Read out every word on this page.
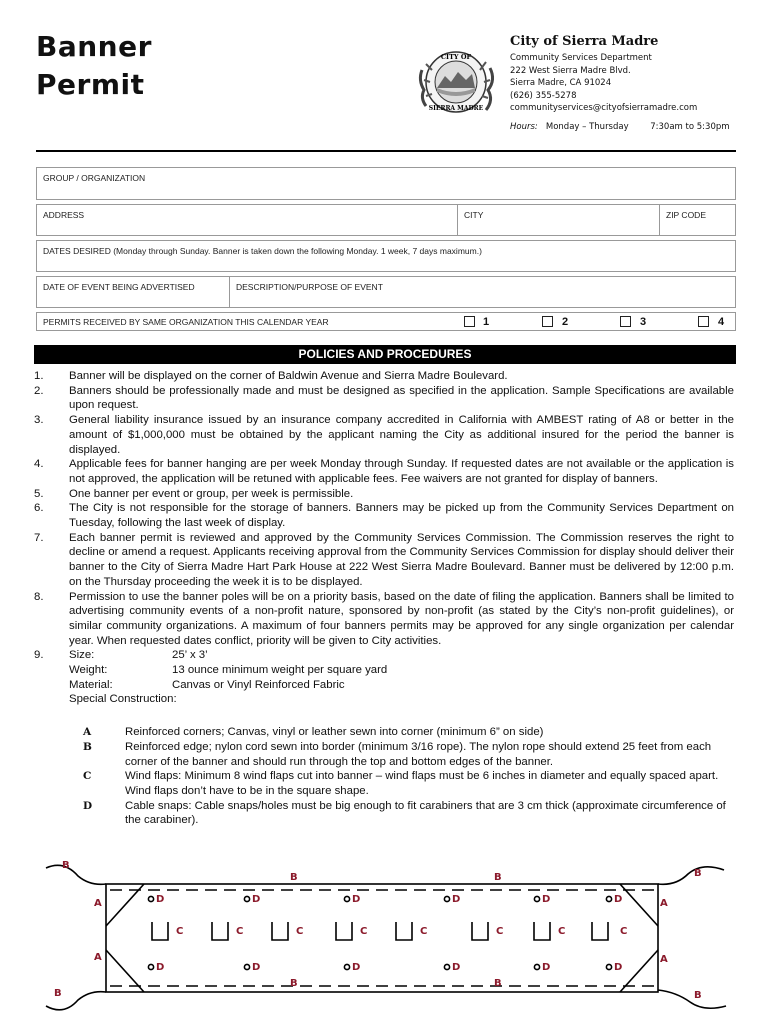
Banner
Permit
CITY OF
SIERRA MADRE
City of Sierra Madre
Community Services Department
222 West Sierra Madre Blvd.
Sierra Madre, CA 91024
(626) 355-5278
communityservices@cityofsierramadre.com
Hours: Monday – Thursday	7:30am to 5:30pm
GROUP / ORGANIZATION
ADDRESS	CITY	ZIP CODE
DATES DESIRED (Monday through Sunday. Banner is taken down the following Monday. 1 week, 7 days maximum.)
DATE OF EVENT BEING ADVERTISED	DESCRIPTION/PURPOSE OF EVENT
PERMITS RECEIVED BY SAME ORGANIZATION THIS CALENDAR YEAR	1	2	3	4
POLICIES AND PROCEDURES
1. Banner will be displayed on the corner of Baldwin Avenue and Sierra Madre Boulevard.
2. Banners should be professionally made and must be designed as specified in the application. Sample Specifications are available upon request.
3. General liability insurance issued by an insurance company accredited in California with AMBEST rating of A8 or better in the amount of $1,000,000 must be obtained by the applicant naming the City as additional insured for the period the banner is displayed.
4. Applicable fees for banner hanging are per week Monday through Sunday. If requested dates are not available or the application is not approved, the application will be retuned with applicable fees. Fee waivers are not granted for display of banners.
5. One banner per event or group, per week is permissible.
6. The City is not responsible for the storage of banners. Banners may be picked up from the Community Services Department on Tuesday, following the last week of display.
7. Each banner permit is reviewed and approved by the Community Services Commission. The Commission reserves the right to decline or amend a request. Applicants receiving approval from the Community Services Commission for display should deliver their banner to the City of Sierra Madre Hart Park House at 222 West Sierra Madre Boulevard. Banner must be delivered by 12:00 p.m. on the Thursday proceeding the week it is to be displayed.
8. Permission to use the banner poles will be on a priority basis, based on the date of filing the application. Banners shall be limited to advertising community events of a non-profit nature, sponsored by non-profit (as stated by the City’s non-profit guidelines), or similar community organizations. A maximum of four banners permits may be approved for any single organization per calendar year. When requested dates conflict, priority will be given to City activities.
9. Size:	25’ x 3’
Weight:	13 ounce minimum weight per square yard
Material:	Canvas or Vinyl Reinforced Fabric
Special Construction:
A	Reinforced corners; Canvas, vinyl or leather sewn into corner (minimum 6” on side)
B	Reinforced edge; nylon cord sewn into border (minimum 3/16 rope). The nylon rope should extend 25 feet from each corner of the banner and should run through the top and bottom edges of the banner.
C	Wind flaps: Minimum 8 wind flaps cut into banner – wind flaps must be 6 inches in diameter and equally spaced apart. Wind flaps don’t have to be in the square shape.
D	Cable snaps: Cable snaps/holes must be big enough to fit carabiners that are 3 cm thick (approximate circumference of the carabiner).
B
B	B	B
B
B	B
B
A
A
A
A
C	C	C	C	C	C	C	C
D
D
D
D
D
D
D
D
D
D
D
D
